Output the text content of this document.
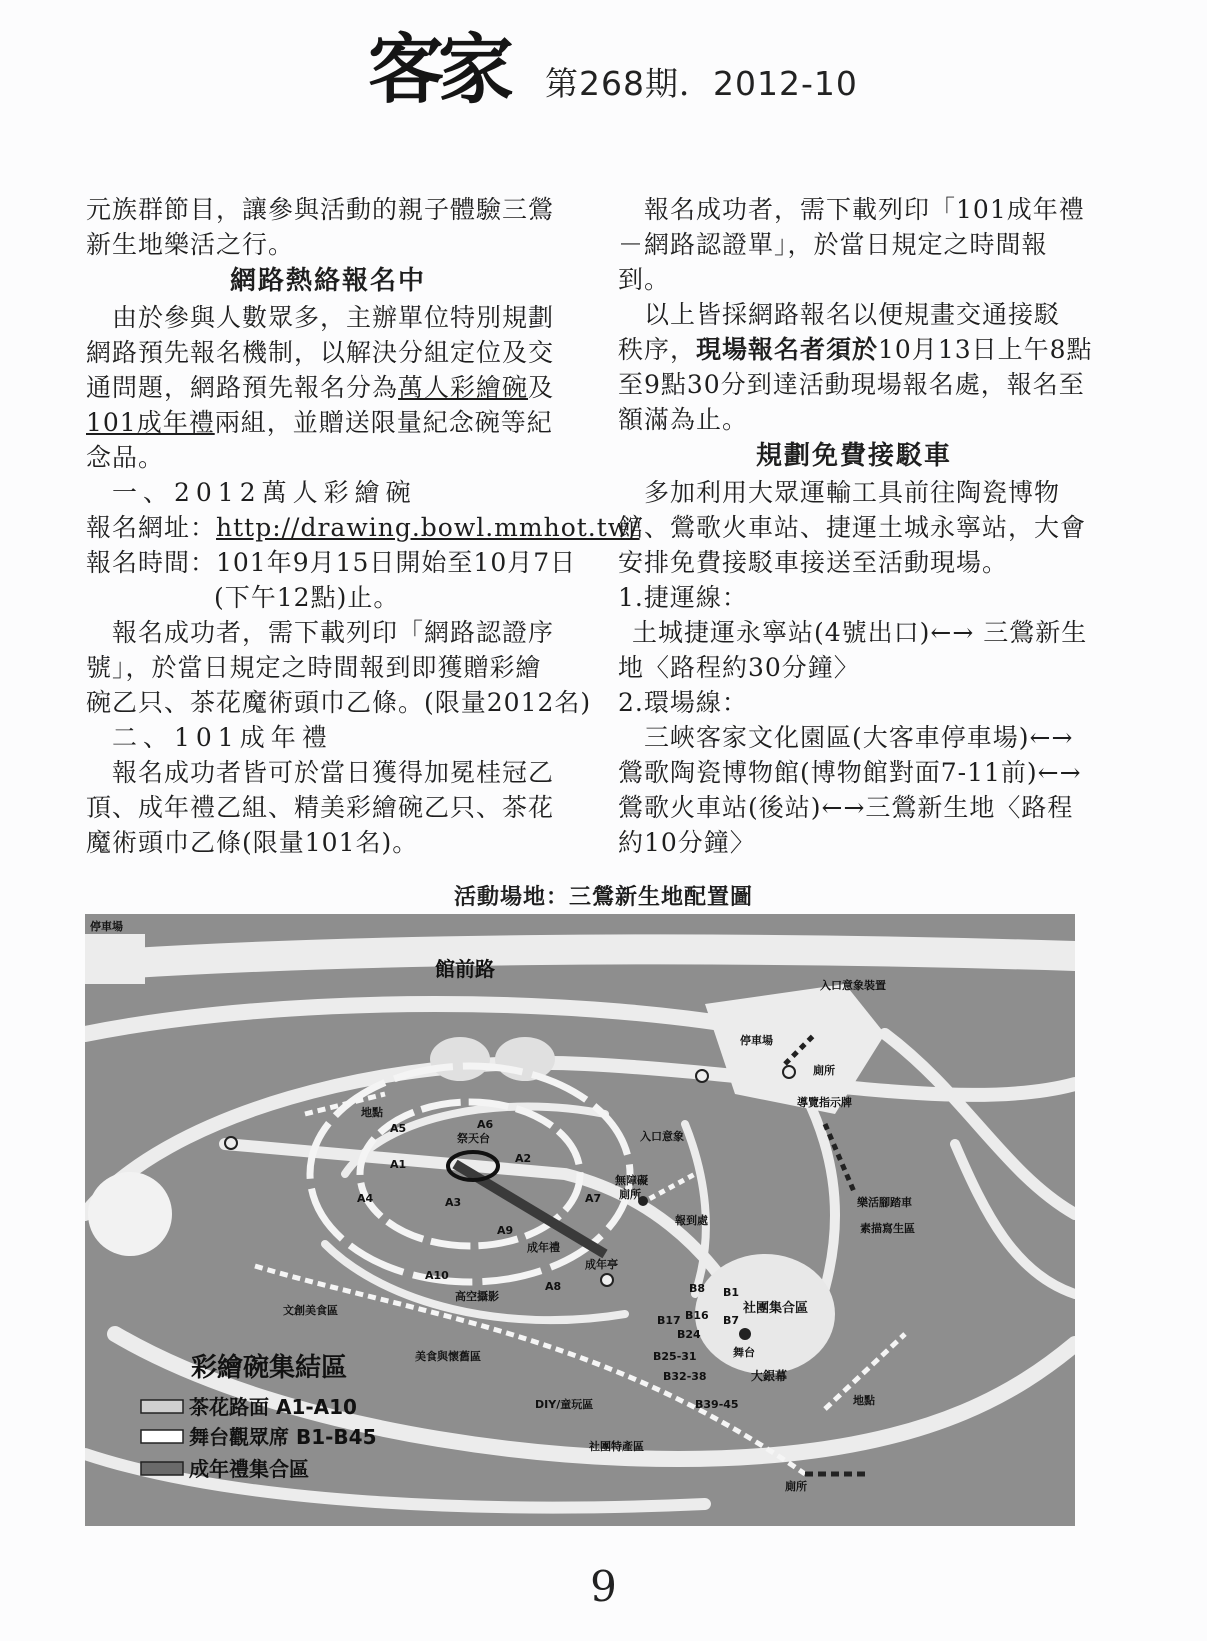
客家	第268期．2012-10
元族群節目，讓參與活動的親子體驗三鶯
新生地樂活之行。
網路熱絡報名中
　由於參與人數眾多，主辦單位特別規劃
網路預先報名機制，以解決分組定位及交
通問題，網路預先報名分為萬人彩繪碗及
101成年禮兩組，並贈送限量紀念碗等紀
念品。
一、2012萬人彩繪碗
報名網址：http://drawing.bowl.mmhot.tw/
報名時間：101年9月15日開始至10月7日
(下午12點)止。
　報名成功者，需下載列印「網路認證序
號」，於當日規定之時間報到即獲贈彩繪
碗乙只、茶花魔術頭巾乙條。(限量2012名)
二、101成年禮
　報名成功者皆可於當日獲得加冕桂冠乙
頂、成年禮乙組、精美彩繪碗乙只、茶花
魔術頭巾乙條(限量101名)。
報名成功者，需下載列印「101成年禮
－網路認證單」，於當日規定之時間報
到。
以上皆採網路報名以便規畫交通接駁
秩序，現場報名者須於10月13日上午8點
至9點30分到達活動現場報名處，報名至
額滿為止。
規劃免費接駁車
多加利用大眾運輸工具前往陶瓷博物
館、鶯歌火車站、捷運土城永寧站，大會
安排免費接駁車接送至活動現場。
1.捷運線：
土城捷運永寧站(4號出口)←→ 三鶯新生
地〈路程約30分鐘〉
2.環場線：
三峽客家文化園區(大客車停車場)←→
鶯歌陶瓷博物館(博物館對面7-11前)←→
鶯歌火車站(後站)←→三鶯新生地〈路程
約10分鐘〉
活動場地：三鶯新生地配置圖
停車場
館前路
入口意象裝置
停車場
廁所
導覽指示牌
地點
A5	A6
祭天台
A1	A2
A4	A3	A7
入口意象
無障礙
廁所
報到處
A9
成年禮
成年亭
A10
A8
高空攝影
樂活腳踏車
素描寫生區
文創美食區
B8 B1
B16
B17	B7
社團集合區
B24
B25-31	舞台
B32-38	大銀幕
B39-45
美食與懷舊區
DIY/童玩區
社團特產區
地點
廁所
彩繪碗集結區
茶花路面 A1-A10
舞台觀眾席 B1-B45
成年禮集合區
9
